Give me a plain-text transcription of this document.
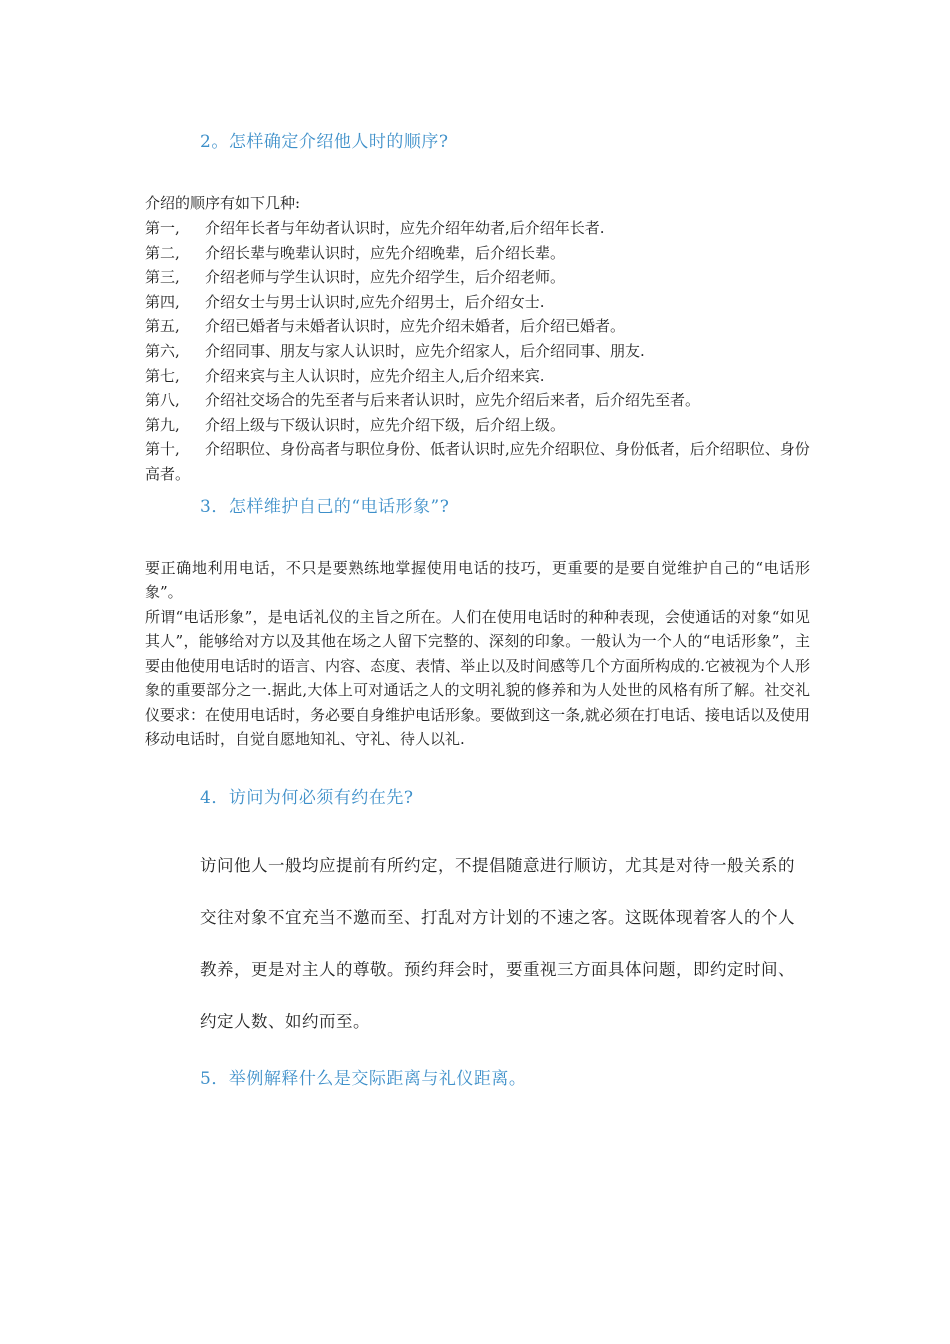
2。怎样确定介绍他人时的顺序?
介绍的顺序有如下几种:
第一,	介绍年长者与年幼者认识时，应先介绍年幼者,后介绍年长者.
第二,	介绍长辈与晚辈认识时，应先介绍晚辈，后介绍长辈。
第三,	介绍老师与学生认识时，应先介绍学生，后介绍老师。
第四,	介绍女士与男士认识时,应先介绍男士，后介绍女士.
第五,	介绍已婚者与未婚者认识时，应先介绍未婚者，后介绍已婚者。
第六,	介绍同事、朋友与家人认识时，应先介绍家人，后介绍同事、朋友.
第七,	介绍来宾与主人认识时，应先介绍主人,后介绍来宾.
第八,	介绍社交场合的先至者与后来者认识时，应先介绍后来者，后介绍先至者。
第九,	介绍上级与下级认识时，应先介绍下级，后介绍上级。
第十, 介绍职位、身份高者与职位身份、低者认识时,应先介绍职位、身份低者，后介绍职位、身份高者。
3．怎样维护自己的“电话形象”?

要正确地利用电话，不只是要熟练地掌握使用电话的技巧，更重要的是要自觉维护自己的“电话形象”。

所谓“电话形象”，是电话礼仪的主旨之所在。人们在使用电话时的种种表现，会使通话的对象“如见其人”，能够给对方以及其他在场之人留下完整的、深刻的印象。一般认为一个人的“电话形象”，主要由他使用电话时的语言、内容、态度、表情、举止以及时间感等几个方面所构成的.它被视为个人形象的重要部分之一.据此,大体上可对通话之人的文明礼貌的修养和为人处世的风格有所了解。社交礼仪要求：在使用电话时，务必要自身维护电话形象。要做到这一条,就必须在打电话、接电话以及使用移动电话时，自觉自愿地知礼、守礼、待人以礼.

4．访问为何必须有约在先?

访问他人一般均应提前有所约定，不提倡随意进行顺访，尤其是对待一般关系的交往对象不宜充当不邀而至、打乱对方计划的不速之客。这既体现着客人的个人教养，更是对主人的尊敬。预约拜会时，要重视三方面具体问题，即约定时间、约定人数、如约而至。

5．举例解释什么是交际距离与礼仪距离。
